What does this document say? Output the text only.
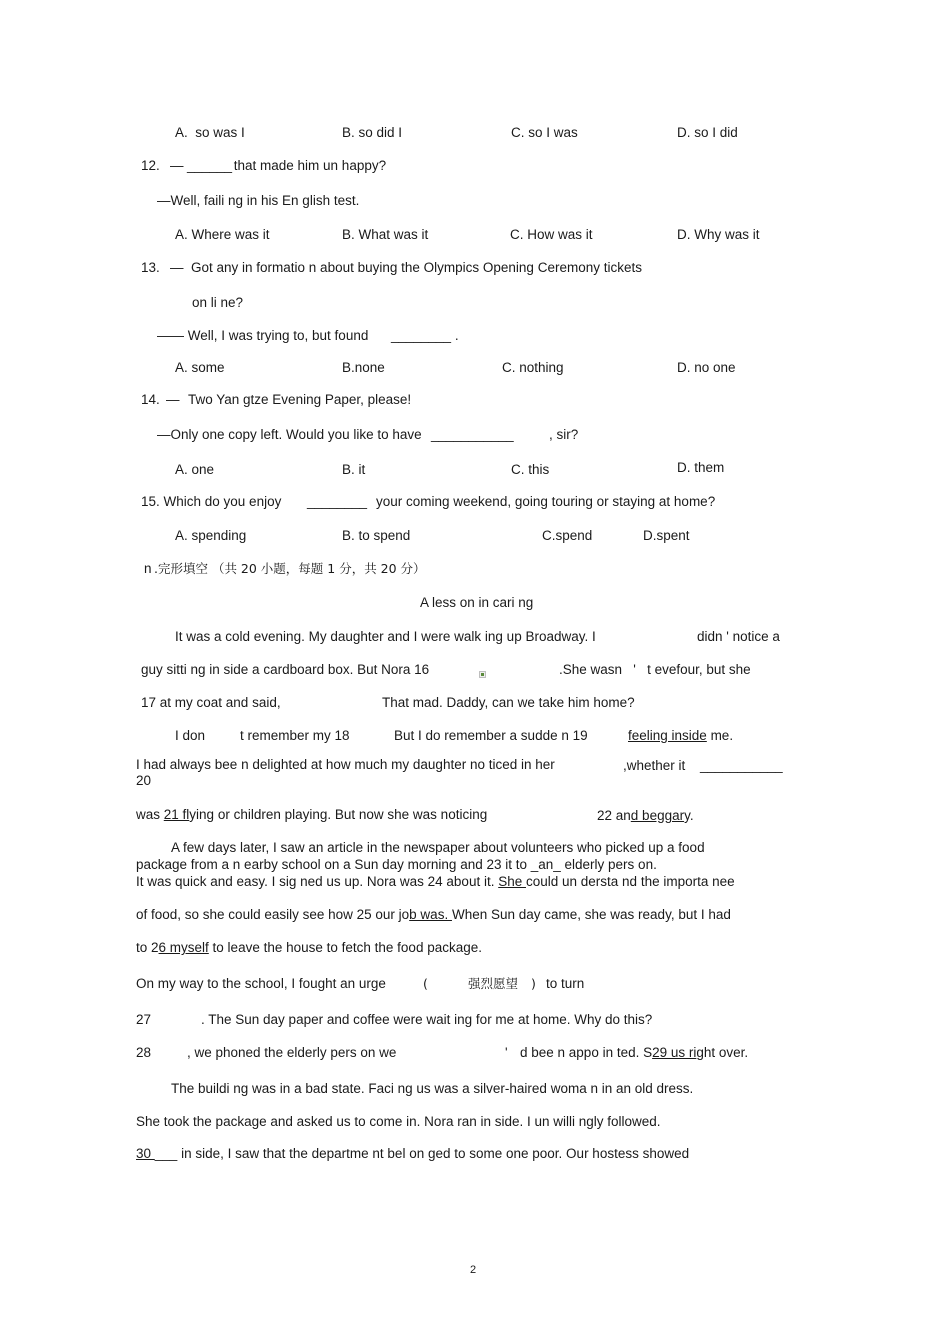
A.  so was I	B. so did I	C. so I was	D. so I did
12. — ______
that made him un happy?
—Well, faili ng in his En glish test.
A. Where was it	B. What was it	C. How was it	D. Why was it
13. — Got any in formatio n about buying the Olympics Opening Ceremony tickets
on li ne?
—— Well, I was trying to, but found ________ .
A. some	B.none	C. nothing	D. no one
14. — Two Yan gtze Evening Paper, please!
—Only one copy left. Would you like to have ___________	, sir?
A. one	B. it	C. this	D. them
15. Which do you enjoy ________ your coming weekend, going touring or staying at home?
A. spending	B. to spend	C.spend	D.spent
n .完形填空 （共 20 小题，每题 1 分，共 20 分）
A less on in cari ng
It was a cold evening. My daughter and I were walk ing up Broadway. I	didn ' notice a
guy sitti ng in side a cardboard box. But Nora 16	.She wasn   '   t evefour, but she
17 at my coat and said,	That mad. Daddy, can we take him home?
I don	t remember my 18	But I do remember a sudde n 19	feeling inside me.
I had always bee n delighted at how much my daughter no ticed in her	,whether it ___________
20
was 21 flying or children playing. But now she was noticing	22 and beggary.
A few days later, I saw an article in the newspaper about volunteers who picked up a food
package from a n earby school on a Sun day morning and 23 it to _an_ elderly pers on.
It was quick and easy. I sig ned us up. Nora was 24 about it. She could un dersta nd the importa nee
of food, so she could easily see how 25 our job was. When Sun day came, she was ready, but I had
to 26 myself to leave the house to fetch the food package.
On my way to the school, I fought an urge	(	强烈愿望 ) to turn
27	. The Sun day paper and coffee were wait ing for me at home. Why do this?
28	, we phoned the elderly pers on we	' d bee n appo in ted. S29 us right over.
The buildi ng was in a bad state. Faci ng us was a silver-haired woma n in an old dress.
She took the package and asked us to come in. Nora ran in side. I un willi ngly followed.
30 ___ in side, I saw that the departme nt bel on ged to some one poor. Our hostess showed
2
